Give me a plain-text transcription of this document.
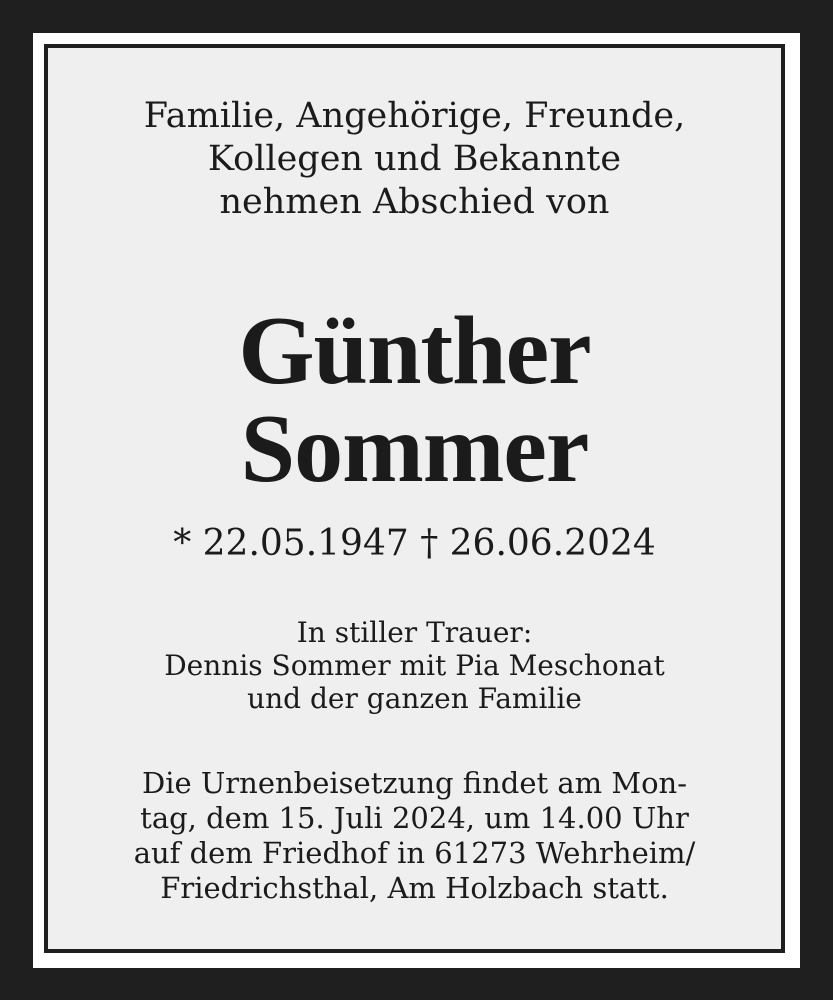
Familie, Angehörige, Freunde,
Kollegen und Bekannte
nehmen Abschied von
Günther
Sommer
* 22.05.1947 † 26.06.2024
In stiller Trauer:
Dennis Sommer mit Pia Meschonat
und der ganzen Familie
Die Urnenbeisetzung findet am Mon-
tag, dem 15. Juli 2024, um 14.00 Uhr
auf dem Friedhof in 61273 Wehrheim/
Friedrichsthal, Am Holzbach statt.
